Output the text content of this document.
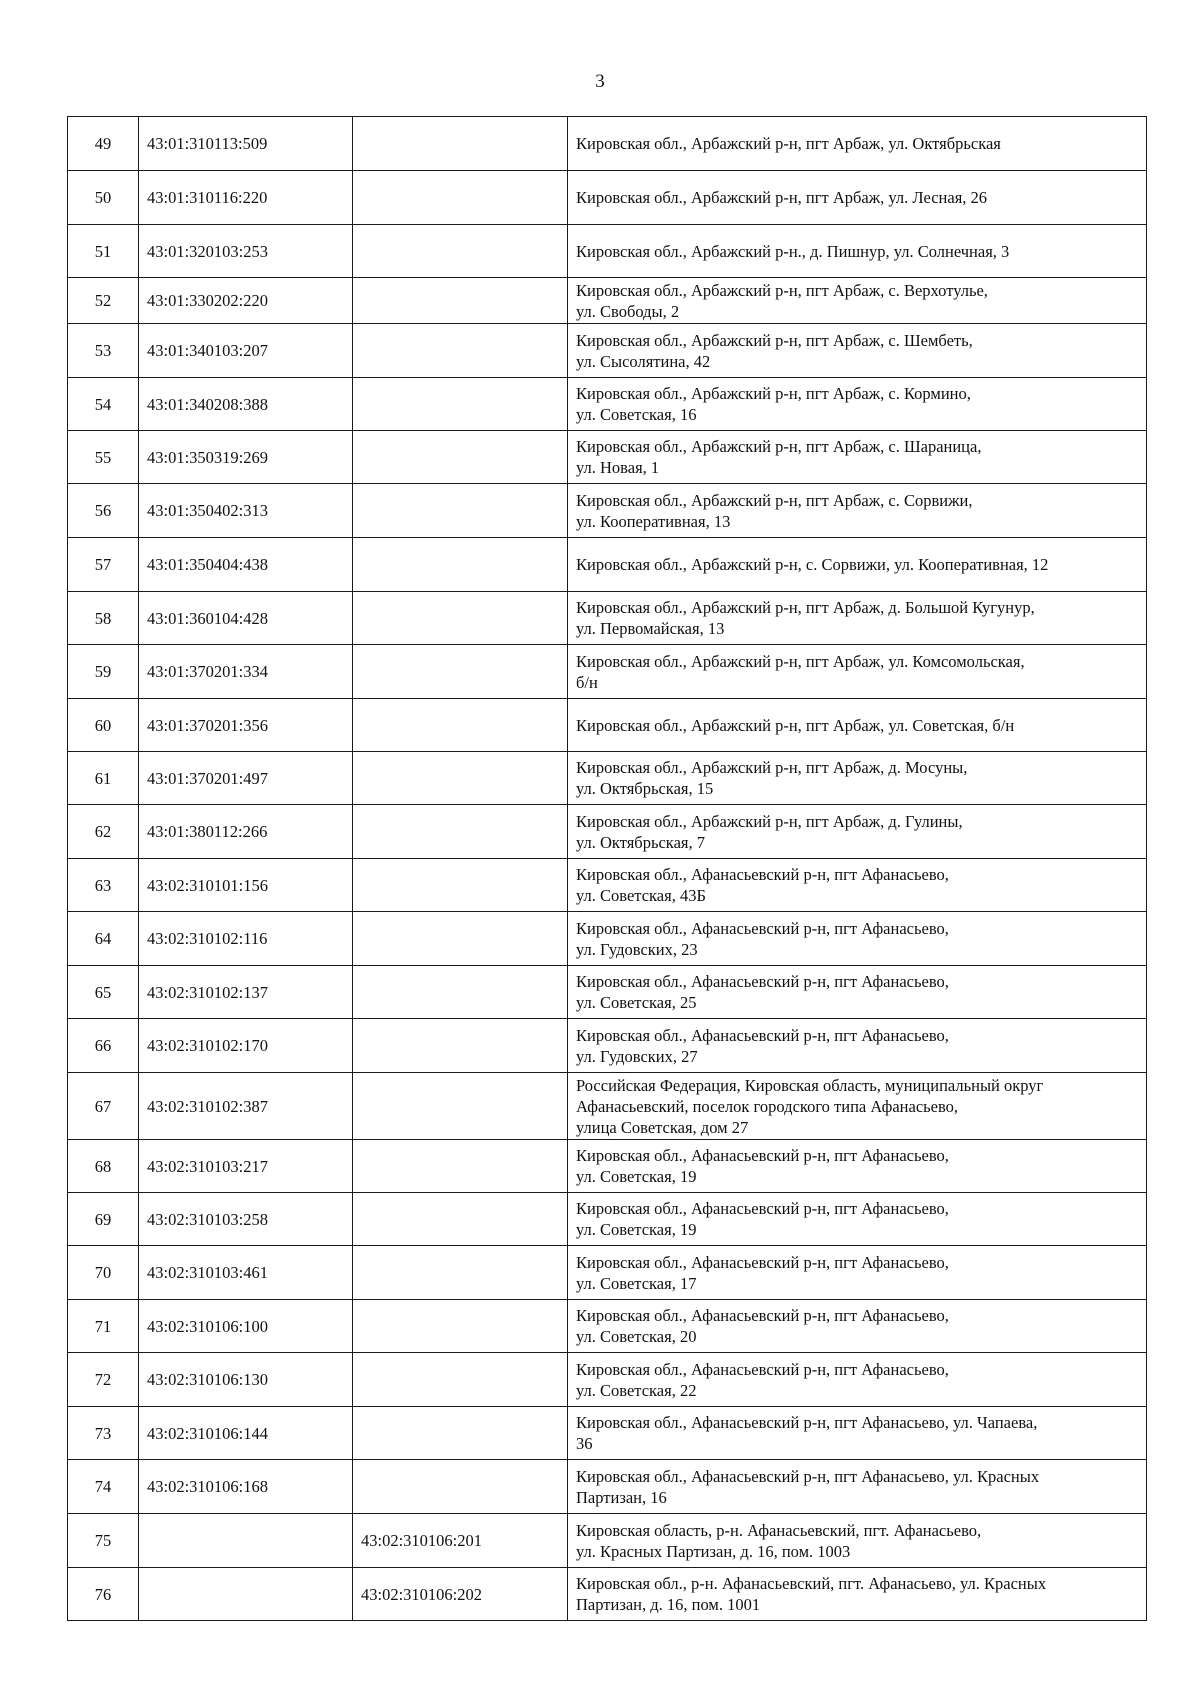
3
49	43:01:310113:509		Кировская обл., Арбажский р-н, пгт Арбаж, ул. Октябрьская

50	43:01:310116:220		Кировская обл., Арбажский р-н, пгт Арбаж, ул. Лесная, 26

51	43:01:320103:253		Кировская обл., Арбажский р-н., д. Пишнур, ул. Солнечная, 3

52	43:01:330202:220		Кировская обл., Арбажский р-н, пгт Арбаж, с. Верхотулье,
ул. Свободы, 2

53	43:01:340103:207		Кировская обл., Арбажский р-н, пгт Арбаж, с. Шембеть,
ул. Сысолятина, 42

54	43:01:340208:388		Кировская обл., Арбажский р-н, пгт Арбаж, с. Кормино,
ул. Советская, 16

55	43:01:350319:269		Кировская обл., Арбажский р-н, пгт Арбаж, с. Шараница,
ул. Новая, 1

56	43:01:350402:313		Кировская обл., Арбажский р-н, пгт Арбаж, с. Сорвижи,
ул. Кооперативная, 13

57	43:01:350404:438		Кировская обл., Арбажский р-н, с. Сорвижи, ул. Кооперативная, 12

58	43:01:360104:428		Кировская обл., Арбажский р-н, пгт Арбаж, д. Большой Кугунур,
ул. Первомайская, 13

59	43:01:370201:334		Кировская обл., Арбажский р-н, пгт Арбаж, ул. Комсомольская,
б/н

60	43:01:370201:356		Кировская обл., Арбажский р-н, пгт Арбаж, ул. Советская, б/н

61	43:01:370201:497		Кировская обл., Арбажский р-н, пгт Арбаж, д. Мосуны,
ул. Октябрьская, 15

62	43:01:380112:266		Кировская обл., Арбажский р-н, пгт Арбаж, д. Гулины,
ул. Октябрьская, 7

63	43:02:310101:156		Кировская обл., Афанасьевский р-н, пгт Афанасьево,
ул. Советская, 43Б

64	43:02:310102:116		Кировская обл., Афанасьевский р-н, пгт Афанасьево,
ул. Гудовских, 23

65	43:02:310102:137		Кировская обл., Афанасьевский р-н, пгт Афанасьево,
ул. Советская, 25

66	43:02:310102:170		Кировская обл., Афанасьевский р-н, пгт Афанасьево,
ул. Гудовских, 27

67	43:02:310102:387		Российская Федерация, Кировская область, муниципальный округ
Афанасьевский, поселок городского типа Афанасьево,
улица Советская, дом 27

68	43:02:310103:217		Кировская обл., Афанасьевский р-н, пгт Афанасьево,
ул. Советская, 19

69	43:02:310103:258		Кировская обл., Афанасьевский р-н, пгт Афанасьево,
ул. Советская, 19

70	43:02:310103:461		Кировская обл., Афанасьевский р-н, пгт Афанасьево,
ул. Советская, 17

71	43:02:310106:100		Кировская обл., Афанасьевский р-н, пгт Афанасьево,
ул. Советская, 20

72	43:02:310106:130		Кировская обл., Афанасьевский р-н, пгт Афанасьево,
ул. Советская, 22

73	43:02:310106:144		Кировская обл., Афанасьевский р-н, пгт Афанасьево, ул. Чапаева,
36

74	43:02:310106:168		Кировская обл., Афанасьевский р-н, пгт Афанасьево, ул. Красных
Партизан, 16

75		43:02:310106:201	Кировская область, р-н. Афанасьевский, пгт. Афанасьево,
ул. Красных Партизан, д. 16, пом. 1003

76		43:02:310106:202	Кировская обл., р-н. Афанасьевский, пгт. Афанасьево, ул. Красных
Партизан, д. 16, пом. 1001
